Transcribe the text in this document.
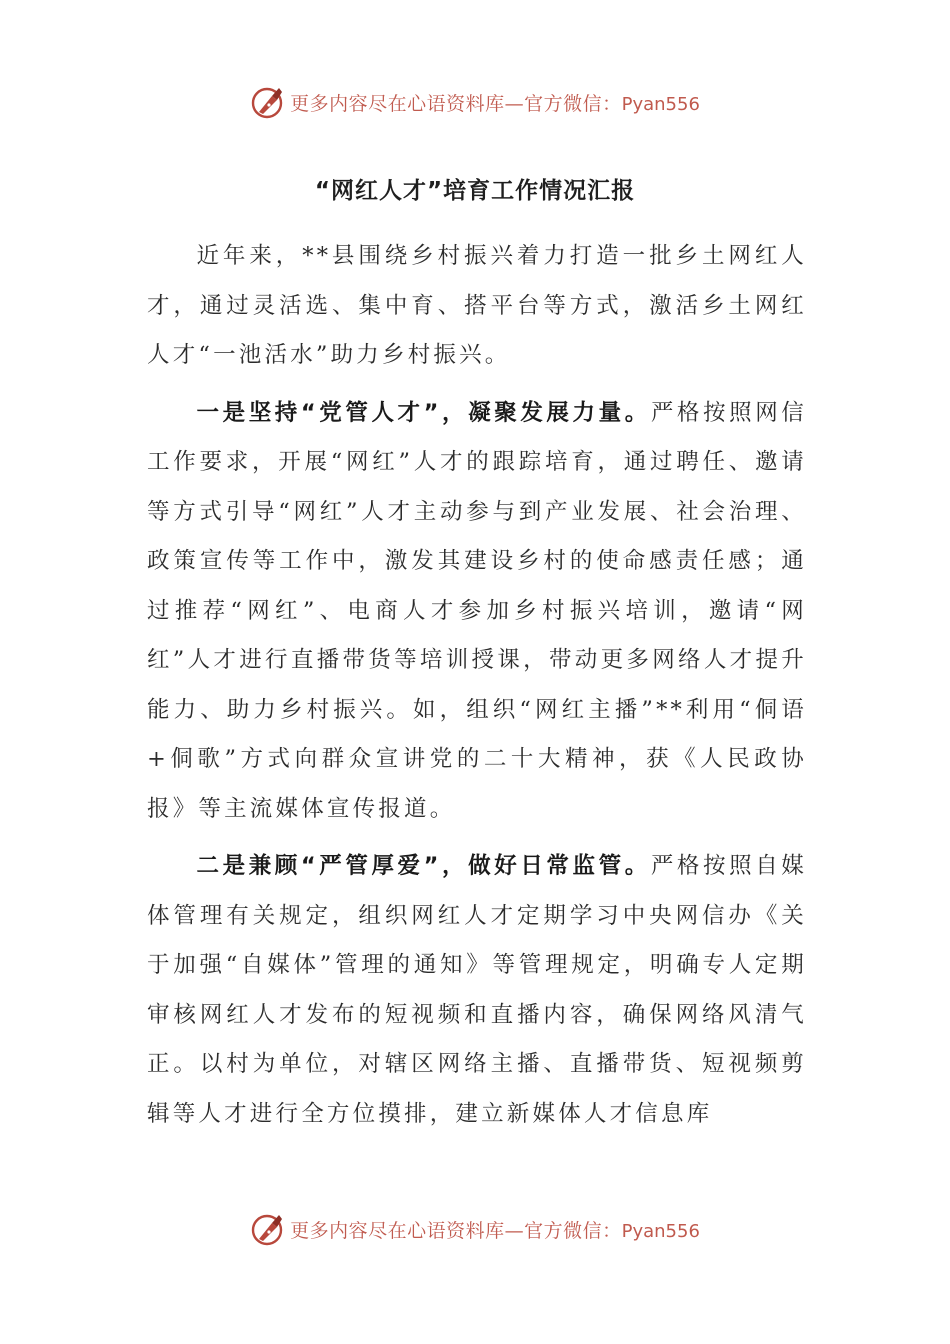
更多内容尽在心语资料库—官方微信：Pyan556
“网红人才”培育工作情况汇报

近年来，**县围绕乡村振兴着力打造一批乡土网红人才，通过灵活选、集中育、搭平台等方式，激活乡土网红人才“一池活水”助力乡村振兴。

一是坚持“党管人才”，凝聚发展力量。严格按照网信工作要求，开展“网红”人才的跟踪培育，通过聘任、邀请等方式引导“网红”人才主动参与到产业发展、社会治理、政策宣传等工作中，激发其建设乡村的使命感责任感；通过推荐“网红”、电商人才参加乡村振兴培训，邀请“网红”人才进行直播带货等培训授课，带动更多网络人才提升能力、助力乡村振兴。如，组织“网红主播”**利用“侗语+侗歌”方式向群众宣讲党的二十大精神，获《人民政协报》等主流媒体宣传报道。

二是兼顾“严管厚爱”，做好日常监管。严格按照自媒体管理有关规定，组织网红人才定期学习中央网信办《关于加强“自媒体”管理的通知》等管理规定，明确专人定期审核网红人才发布的短视频和直播内容，确保网络风清气正。以村为单位，对辖区网络主播、直播带货、短视频剪辑等人才进行全方位摸排，建立新媒体人才信息库

更多内容尽在心语资料库—官方微信：Pyan556
